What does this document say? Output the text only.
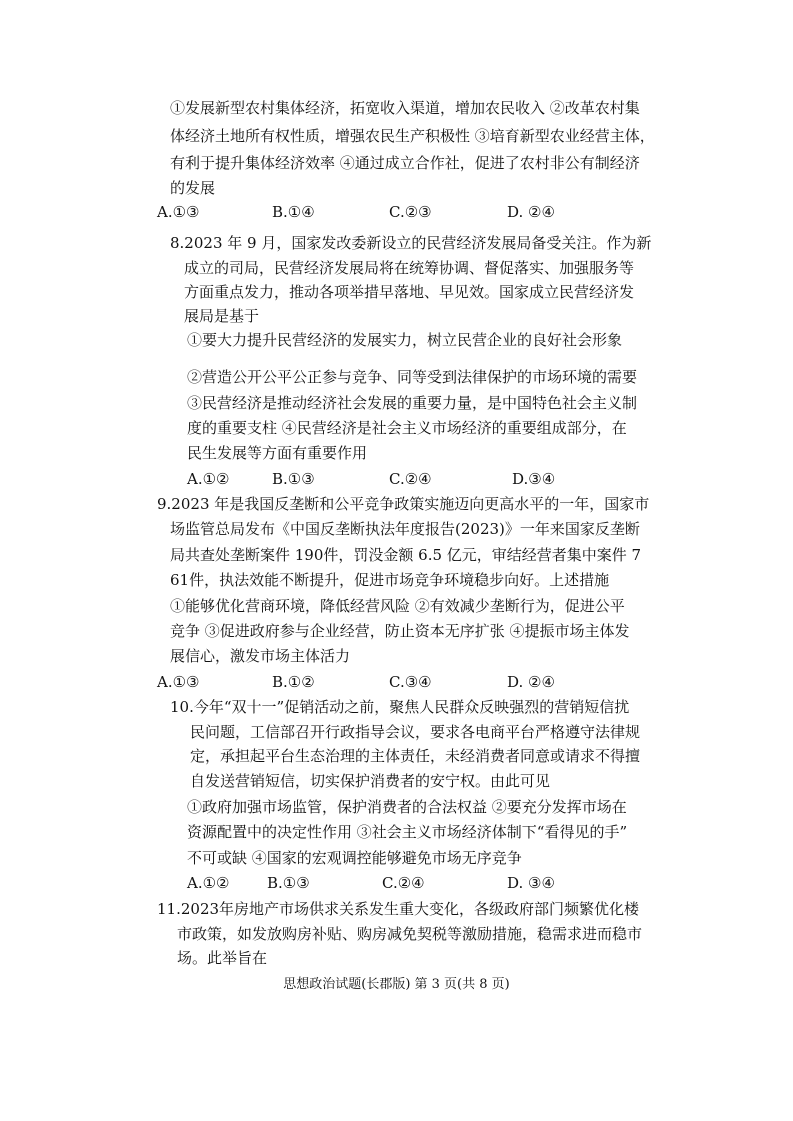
①发展新型农村集体经济，拓宽收入渠道，增加农民收入 ②改革农村集
体经济土地所有权性质，增强农民生产积极性 ③培育新型农业经营主体，
有利于提升集体经济效率 ④通过成立合作社，促进了农村非公有制经济
的发展
A.①③	B.①④	C.②③	D. ②④
8.2023 年 9 月，国家发改委新设立的民营经济发展局备受关注。作为新
成立的司局，民营经济发展局将在统筹协调、督促落实、加强服务等
方面重点发力，推动各项举措早落地、早见效。国家成立民营经济发
展局是基于
①要大力提升民营经济的发展实力，树立民营企业的良好社会形象
②营造公开公平公正参与竞争、同等受到法律保护的市场环境的需要
③民营经济是推动经济社会发展的重要力量，是中国特色社会主义制
度的重要支柱 ④民营经济是社会主义市场经济的重要组成部分，在
民生发展等方面有重要作用
A.①②	B.①③	C.②④	D.③④
9.2023 年是我国反垄断和公平竞争政策实施迈向更高水平的一年，国家市
场监管总局发布《中国反垄断执法年度报告(2023)》一年来国家反垄断
局共查处垄断案件 190件，罚没金额 6.5 亿元，审结经营者集中案件 7
61件，执法效能不断提升，促进市场竞争环境稳步向好。上述措施
①能够优化营商环境，降低经营风险 ②有效减少垄断行为，促进公平
竞争 ③促进政府参与企业经营，防止资本无序扩张 ④提振市场主体发
展信心，激发市场主体活力
A.①③	B.①②	C.③④	D. ②④
10.今年“双十一”促销活动之前，聚焦人民群众反映强烈的营销短信扰
民问题，工信部召开行政指导会议，要求各电商平台严格遵守法律规
定，承担起平台生态治理的主体责任，未经消费者同意或请求不得擅
自发送营销短信，切实保护消费者的安宁权。由此可见
①政府加强市场监管，保护消费者的合法权益 ②要充分发挥市场在
资源配置中的决定性作用 ③社会主义市场经济体制下“看得见的手”
不可或缺 ④国家的宏观调控能够避免市场无序竞争
A.①②	B.①③	C.②④	D. ③④
11.2023年房地产市场供求关系发生重大变化，各级政府部门频繁优化楼
市政策，如发放购房补贴、购房减免契税等激励措施，稳需求进而稳市
场。此举旨在
思想政治试题(长郡版) 第 3 页(共 8 页)
